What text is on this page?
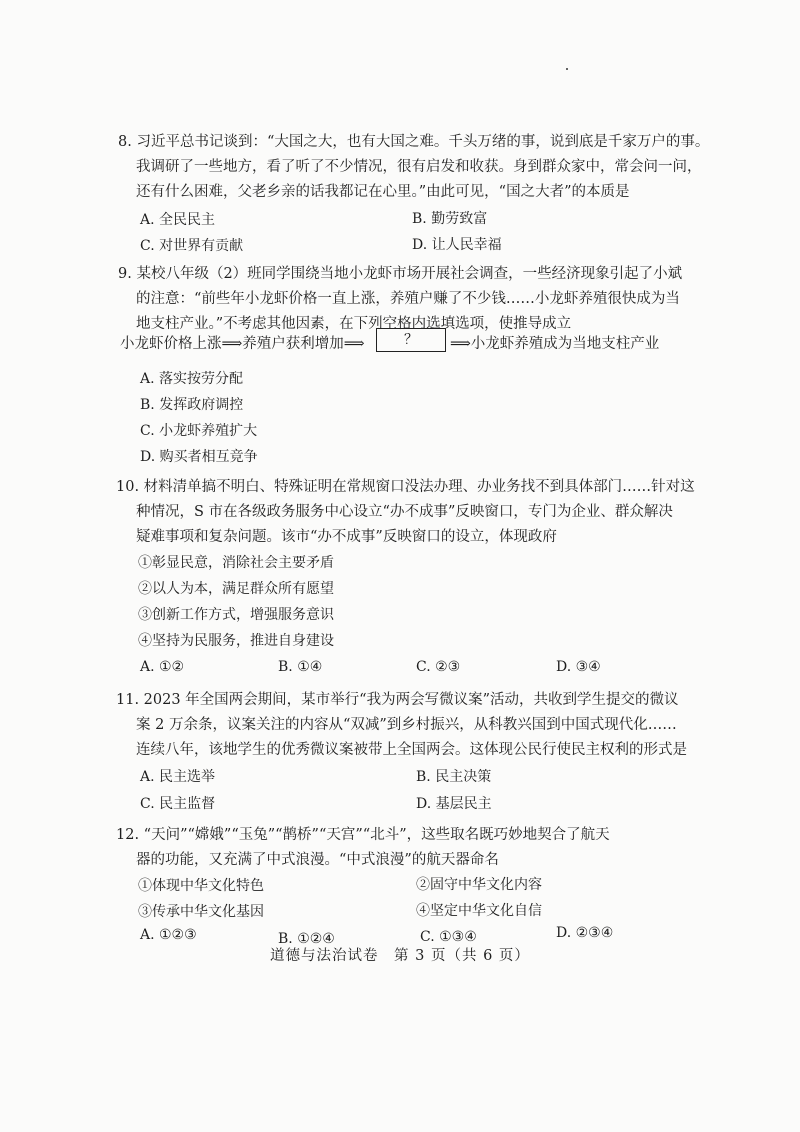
8. 习近平总书记谈到：“大国之大，也有大国之难。千头万绪的事，说到底是千家万户的事。
我调研了一些地方，看了听了不少情况，很有启发和收获。身到群众家中，常会问一问，
还有什么困难，父老乡亲的话我都记在心里。”由此可见，“国之大者”的本质是
A. 全民民主	B. 勤劳致富
C. 对世界有贡献	D. 让人民幸福
9. 某校八年级（2）班同学围绕当地小龙虾市场开展社会调查，一些经济现象引起了小斌
的注意：“前些年小龙虾价格一直上涨，养殖户赚了不少钱……小龙虾养殖很快成为当
地支柱产业。”不考虑其他因素，在下列空格内选填选项，使推导成立
小龙虾价格上涨⟹养殖户获利增加⟹	？	⟹小龙虾养殖成为当地支柱产业
A. 落实按劳分配
B. 发挥政府调控
C. 小龙虾养殖扩大
D. 购买者相互竞争
10. 材料清单搞不明白、特殊证明在常规窗口没法办理、办业务找不到具体部门……针对这
种情况，S 市在各级政务服务中心设立“办不成事”反映窗口，专门为企业、群众解决
疑难事项和复杂问题。该市“办不成事”反映窗口的设立，体现政府
①彰显民意，消除社会主要矛盾
②以人为本，满足群众所有愿望
③创新工作方式，增强服务意识
④坚持为民服务，推进自身建设
A. ①②	B. ①④	C. ②③	D. ③④
11. 2023 年全国两会期间，某市举行“我为两会写微议案”活动，共收到学生提交的微议
案 2 万余条，议案关注的内容从“双减”到乡村振兴，从科教兴国到中国式现代化……
连续八年，该地学生的优秀微议案被带上全国两会。这体现公民行使民主权利的形式是
A. 民主选举	B. 民主决策
C. 民主监督	D. 基层民主
12. “天问”“嫦娥”“玉兔”“鹊桥”“天宫”“北斗”，这些取名既巧妙地契合了航天
器的功能，又充满了中式浪漫。“中式浪漫”的航天器命名
①体现中华文化特色	②固守中华文化内容
③传承中华文化基因	④坚定中华文化自信
A. ①②③	B. ①②④	C. ①③④	D. ②③④
道德与法治试卷　第 3 页（共 6 页）
